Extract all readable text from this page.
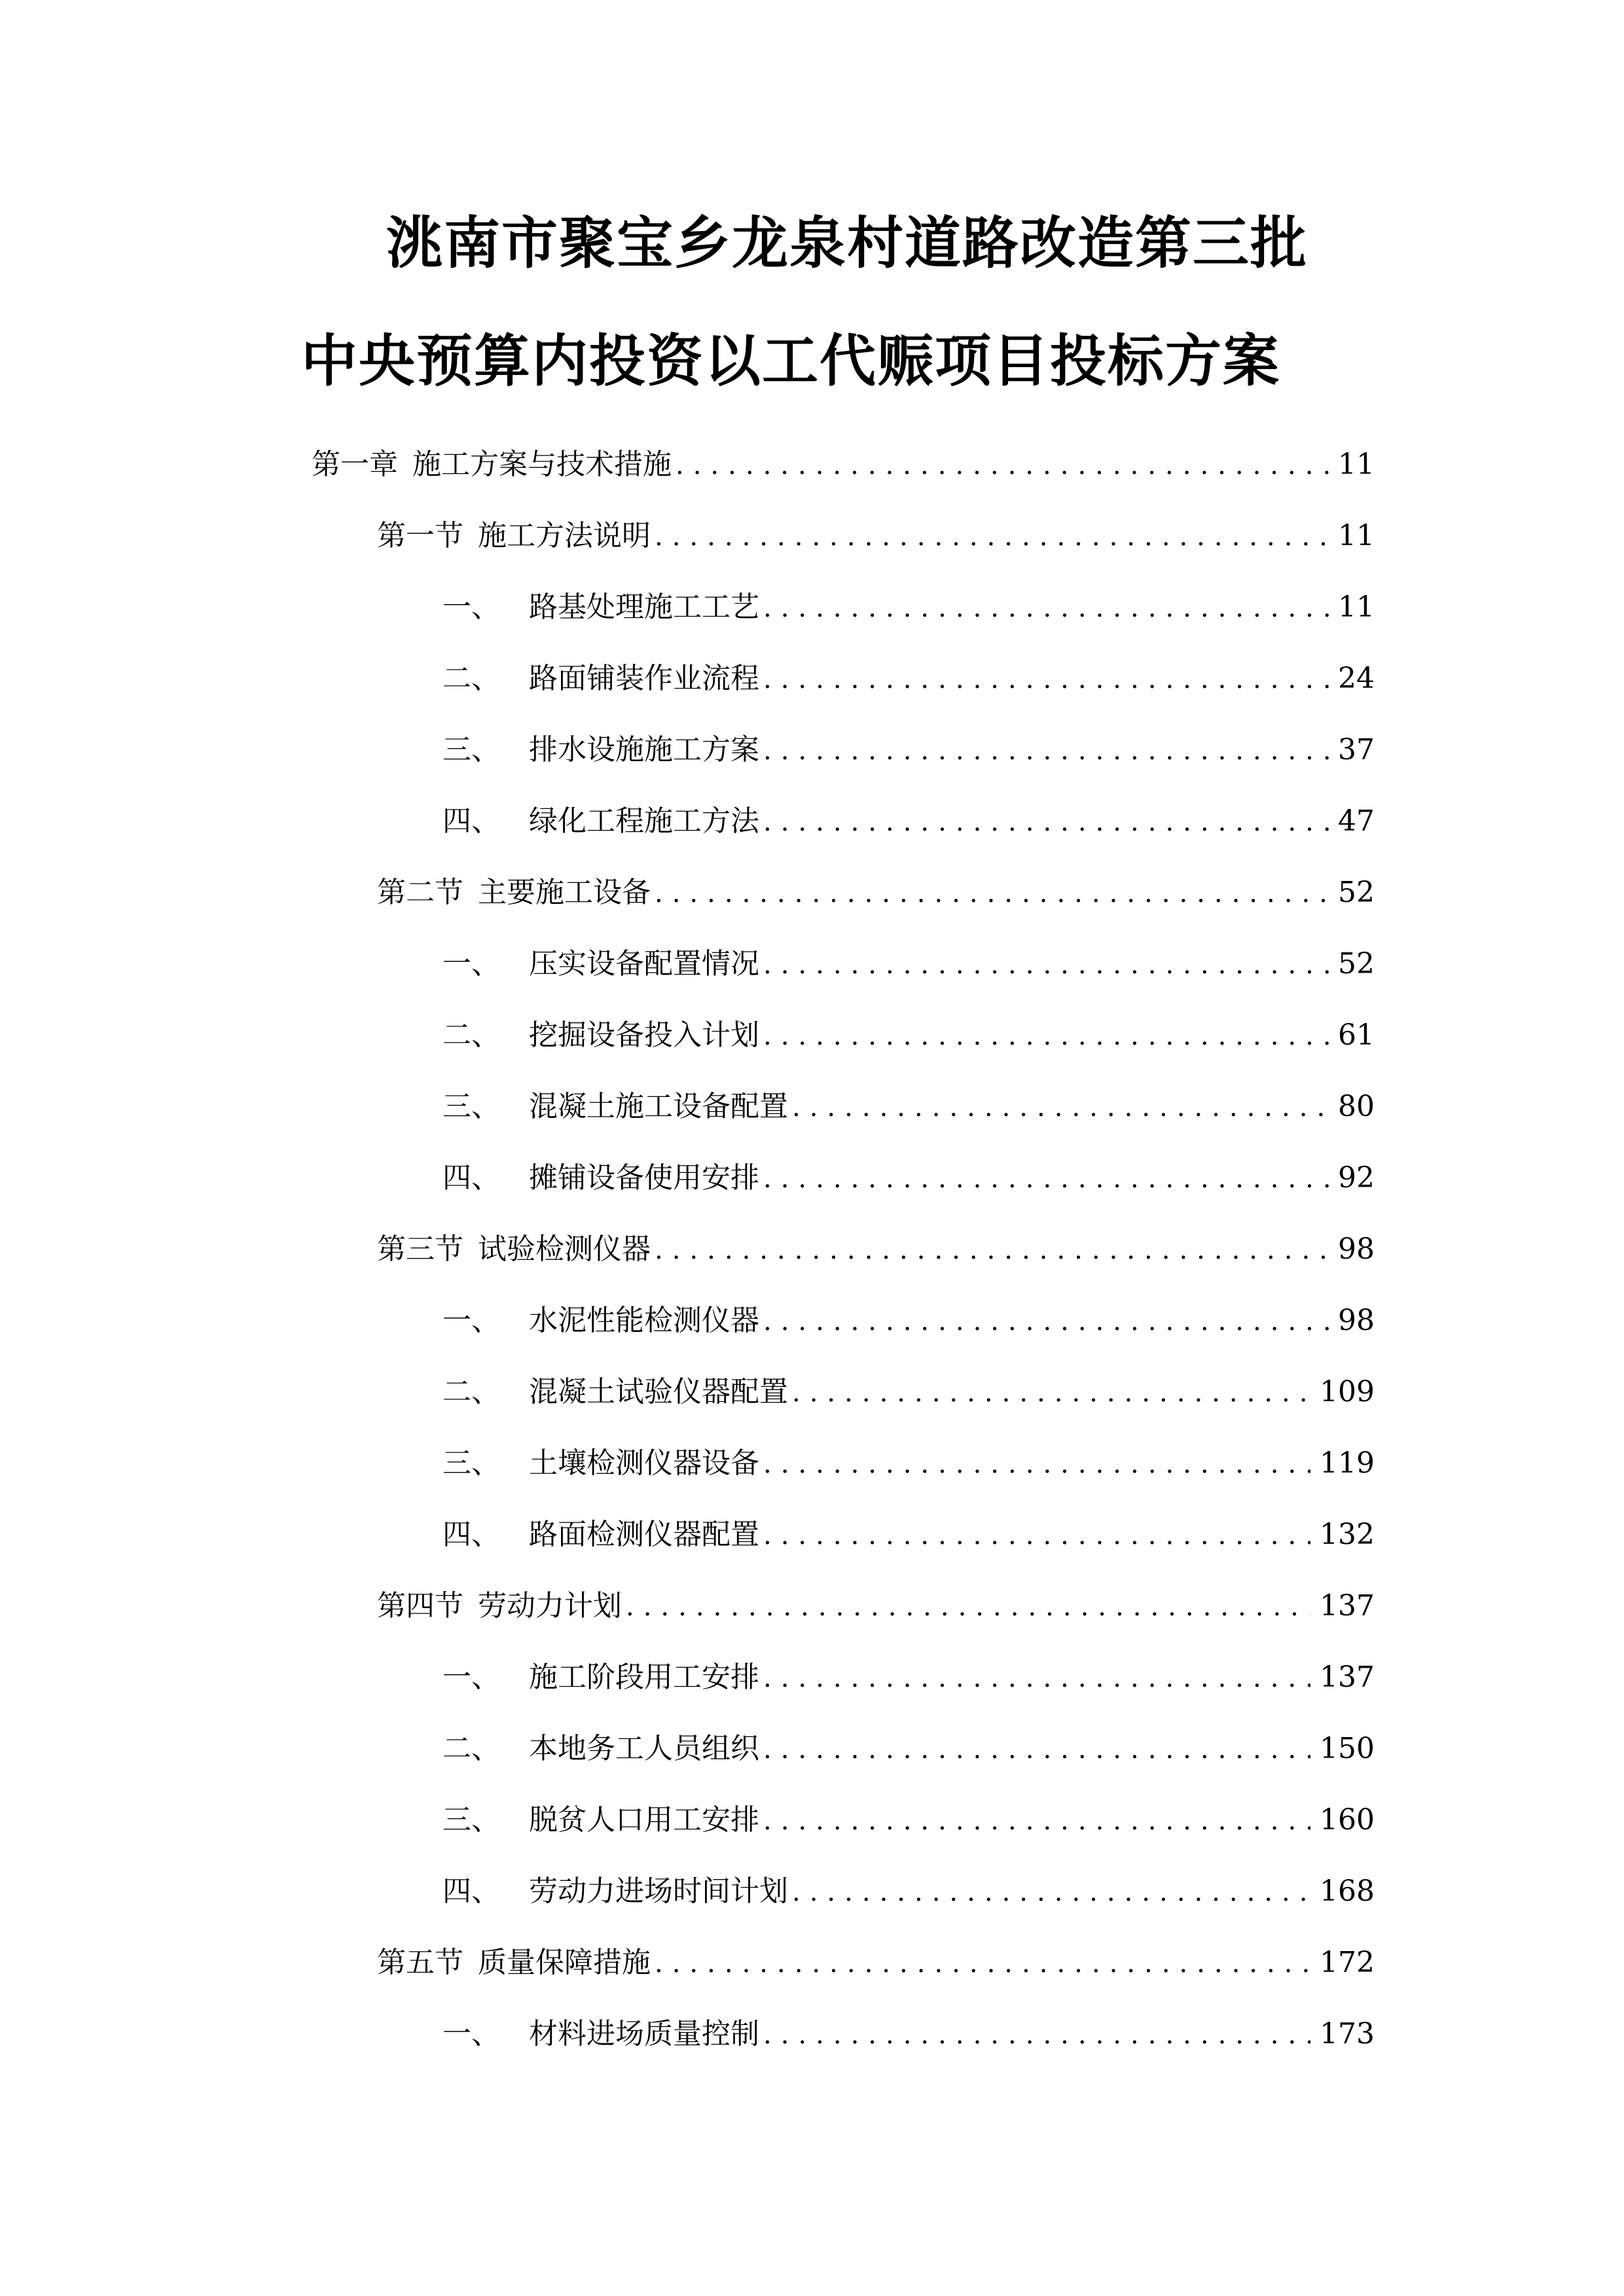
洮南市聚宝乡龙泉村道路改造第三批
中央预算内投资以工代赈项目投标方案
第一章 施工方案与技术措施 .....	11
第一节 施工方法说明 .....	11
一、	路基处理施工工艺 .....	11
二、	路面铺装作业流程 .....	24
三、	排水设施施工方案 .....	37
四、	绿化工程施工方法 .....	47
第二节 主要施工设备 .....	52
一、	压实设备配置情况 .....	52
二、	挖掘设备投入计划 .....	61
三、	混凝土施工设备配置 .....	80
四、	摊铺设备使用安排 .....	92
第三节 试验检测仪器 .....	98
一、	水泥性能检测仪器 .....	98
二、	混凝土试验仪器配置 .....	109
三、	土壤检测仪器设备 .....	119
四、	路面检测仪器配置 .....	132
第四节 劳动力计划 .....	137
一、	施工阶段用工安排 .....	137
二、	本地务工人员组织 .....	150
三、	脱贫人口用工安排 .....	160
四、	劳动力进场时间计划 .....	168
第五节 质量保障措施 .....	172
一、	材料进场质量控制 .....	173
